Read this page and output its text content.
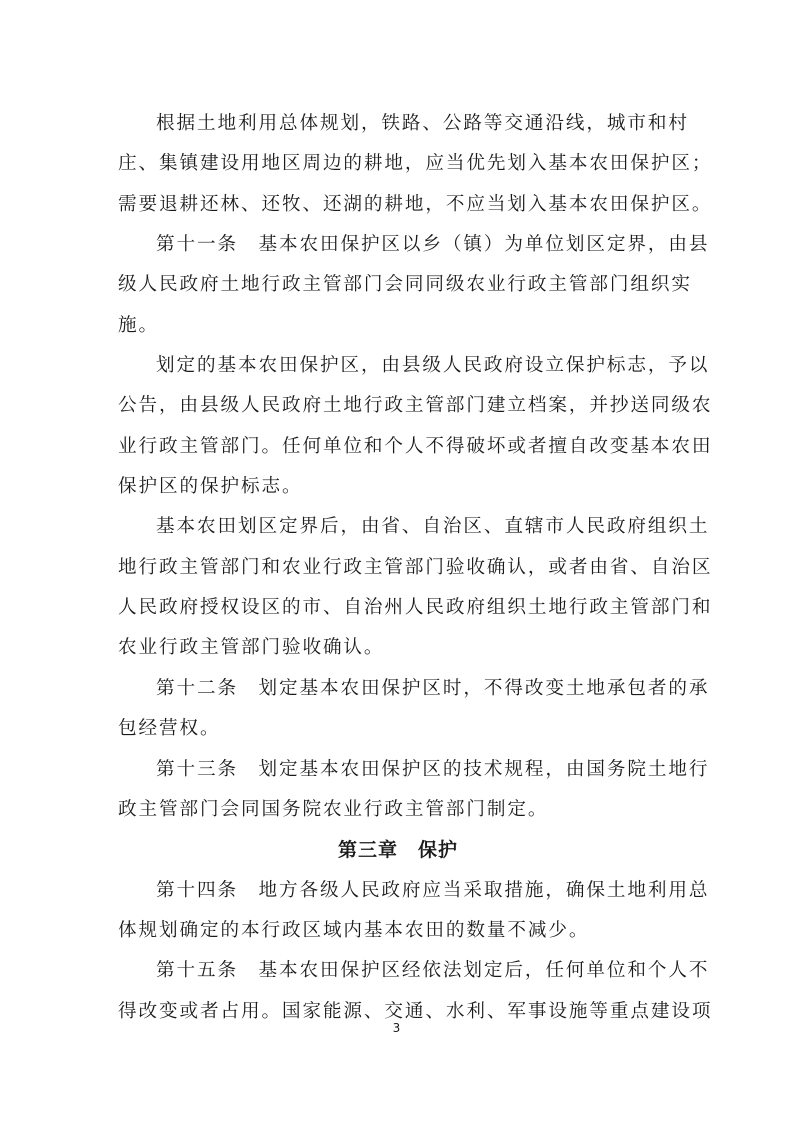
根据土地利用总体规划，铁路、公路等交通沿线，城市和村
庄、集镇建设用地区周边的耕地，应当优先划入基本农田保护区；
需要退耕还林、还牧、还湖的耕地，不应当划入基本农田保护区。
第十一条　基本农田保护区以乡（镇）为单位划区定界，由县
级人民政府土地行政主管部门会同同级农业行政主管部门组织实
施。
划定的基本农田保护区，由县级人民政府设立保护标志，予以
公告，由县级人民政府土地行政主管部门建立档案，并抄送同级农
业行政主管部门。任何单位和个人不得破坏或者擅自改变基本农田
保护区的保护标志。
基本农田划区定界后，由省、自治区、直辖市人民政府组织土
地行政主管部门和农业行政主管部门验收确认，或者由省、自治区
人民政府授权设区的市、自治州人民政府组织土地行政主管部门和
农业行政主管部门验收确认。
第十二条　划定基本农田保护区时，不得改变土地承包者的承
包经营权。
第十三条　划定基本农田保护区的技术规程，由国务院土地行
政主管部门会同国务院农业行政主管部门制定。
第三章　保护
第十四条　地方各级人民政府应当采取措施，确保土地利用总
体规划确定的本行政区域内基本农田的数量不减少。
第十五条　基本农田保护区经依法划定后，任何单位和个人不
得改变或者占用。国家能源、交通、水利、军事设施等重点建设项
3
